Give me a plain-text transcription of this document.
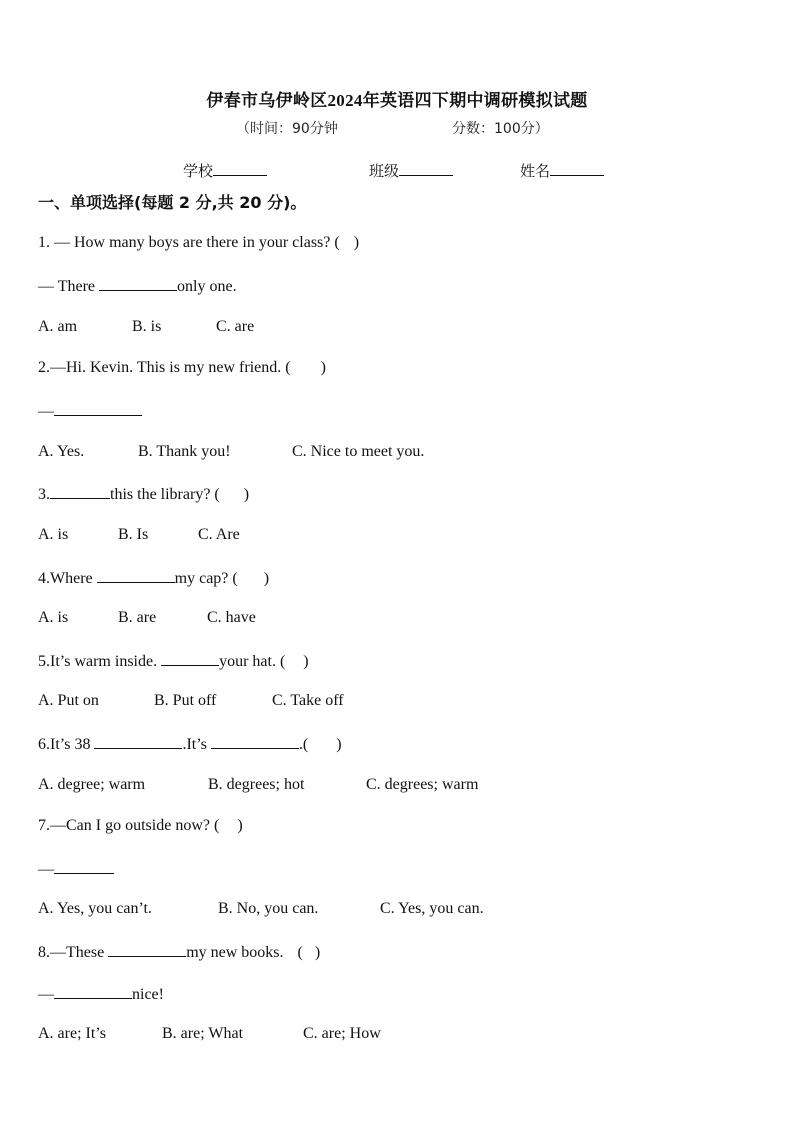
伊春市乌伊岭区2024年英语四下期中调研模拟试题
（时间：90分钟	分数：100分）
学校	班级	姓名
一、单项选择(每题 2 分,共 20 分)。
1. — How many boys are there in your class? ( )
— There	only one.
A. am	B. is	C. are
2.—Hi. Kevin. This is my new friend. ( )
—
A. Yes.	B. Thank you!	C. Nice to meet you.
3.	this the library? ( )
A. is	B. Is	C. Are
4.Where	my cap? ( )
A. is	B. are	C. have
5.It’s warm inside.	your hat. ( )
A. Put on	B. Put off	C. Take off
6.It’s 38	.It’s	.( )
A. degree; warm	B. degrees; hot	C. degrees; warm
7.—Can I go outside now? ( )
—
A. Yes, you can’t.	B. No, you can.	C. Yes, you can.
8.—These	my new books. ( )
—	nice!
A. are; It’s	B. are; What	C. are; How
